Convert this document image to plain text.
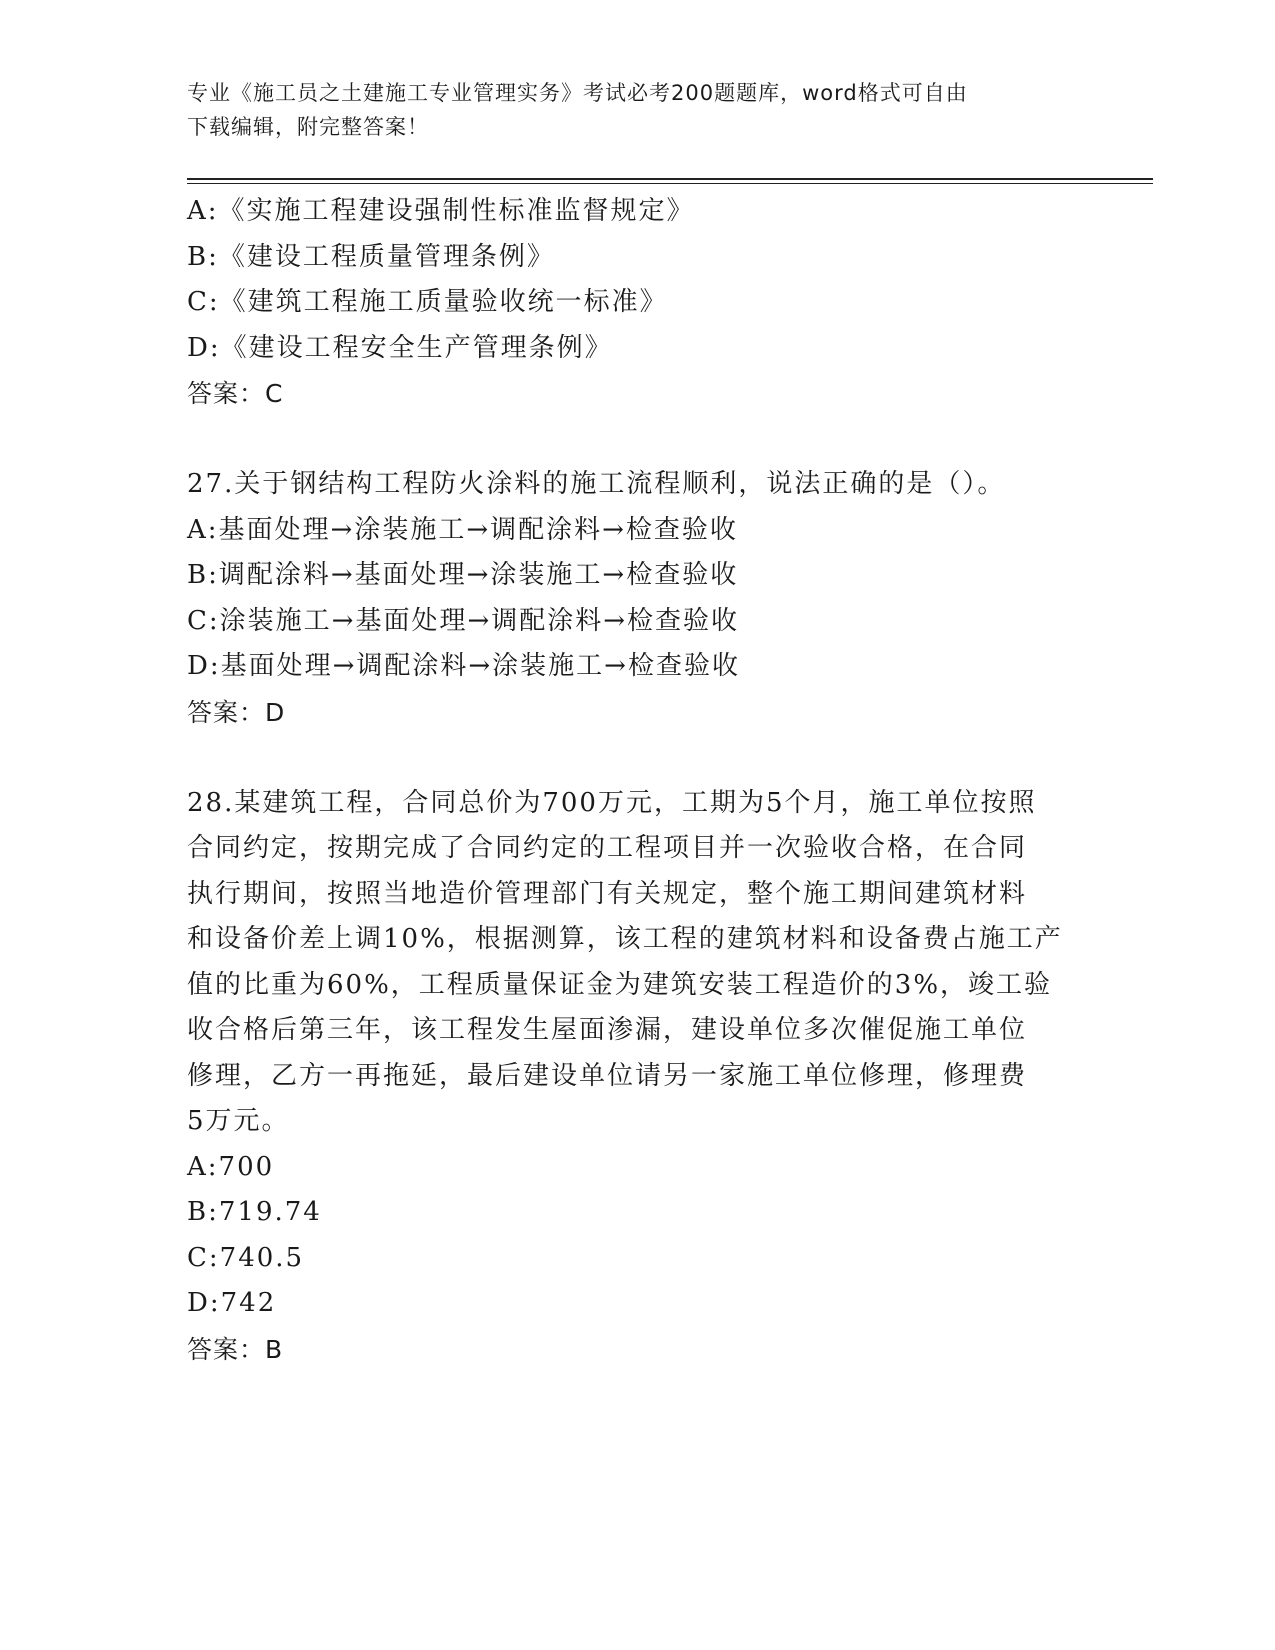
专业《施工员之土建施工专业管理实务》考试必考200题题库，word格式可自由
下载编辑，附完整答案！
A:《实施工程建设强制性标准监督规定》
B:《建设工程质量管理条例》
C:《建筑工程施工质量验收统一标准》
D:《建设工程安全生产管理条例》
答案：C
27.关于钢结构工程防火涂料的施工流程顺利，说法正确的是（）。
A:基面处理→涂装施工→调配涂料→检查验收
B:调配涂料→基面处理→涂装施工→检查验收
C:涂装施工→基面处理→调配涂料→检查验收
D:基面处理→调配涂料→涂装施工→检查验收
答案：D
28.某建筑工程，合同总价为700万元，工期为5个月，施工单位按照
合同约定，按期完成了合同约定的工程项目并一次验收合格，在合同
执行期间，按照当地造价管理部门有关规定，整个施工期间建筑材料
和设备价差上调10%，根据测算，该工程的建筑材料和设备费占施工产
值的比重为60%，工程质量保证金为建筑安装工程造价的3%，竣工验
收合格后第三年，该工程发生屋面渗漏，建设单位多次催促施工单位
修理，乙方一再拖延，最后建设单位请另一家施工单位修理，修理费
5万元。
A:700
B:719.74
C:740.5
D:742
答案：B
